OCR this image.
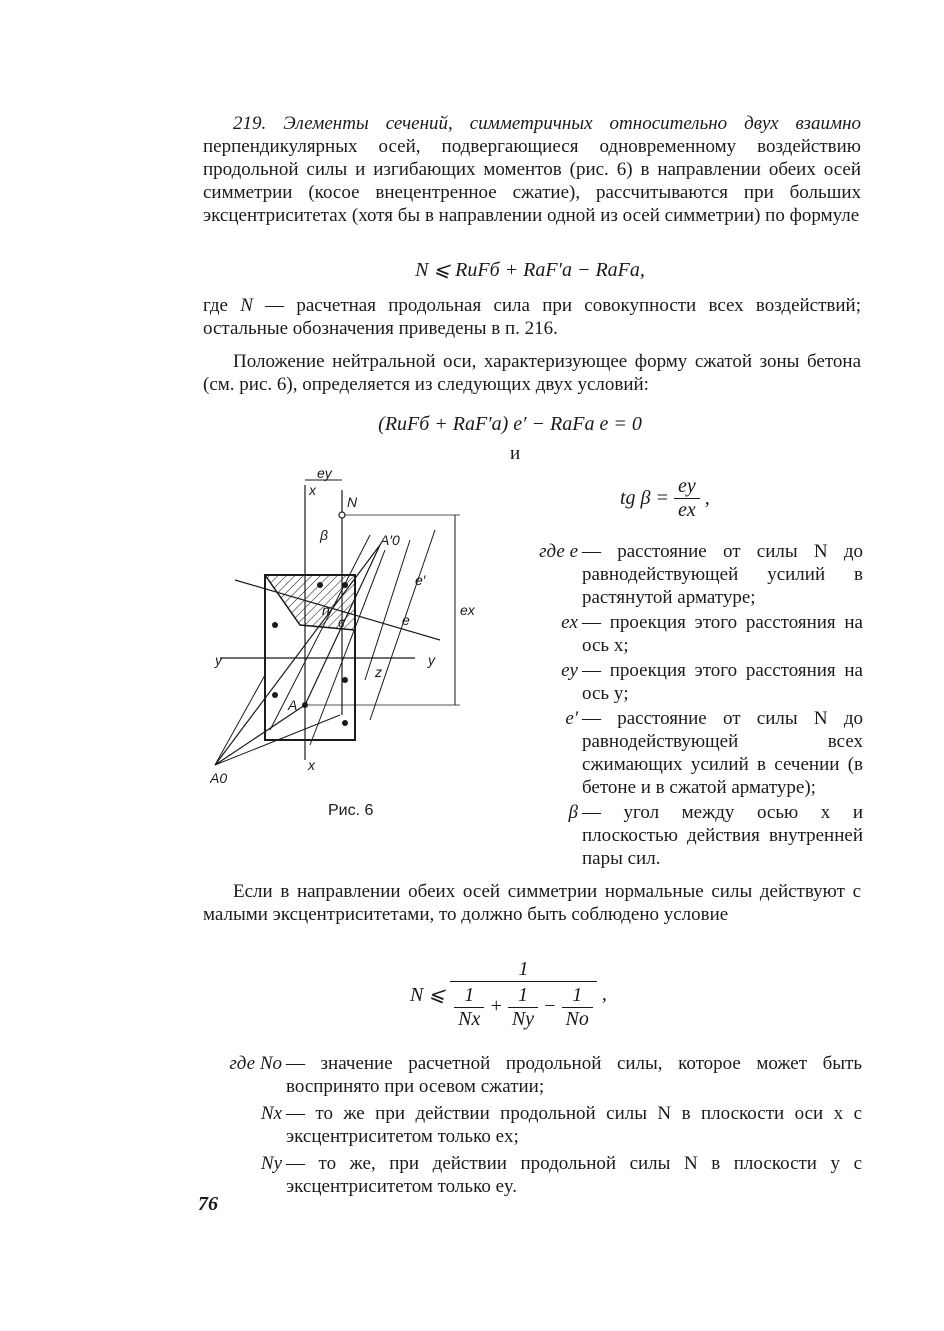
219. Элементы сечений, симметричных относительно двух взаимно перпендикулярных осей, подвергающиеся одновременному воздействию продольной силы и изгибающих моментов (рис. 6) в направлении обеих осей симметрии (косое внецентренное сжатие), рассчитываются при больших эксцентриситетах (хотя бы в направлении одной из осей симметрии) по формуле
N ⩽ RиFб + RаF′а − RаFа,
где N — расчетная продольная сила при совокупности всех воздействий; остальные обозначения приведены в п. 216.
Положение нейтральной оси, характеризующее форму сжатой зоны бетона (см. рис. 6), определяется из следующих двух условий:
(RиFб + RаF′а) e′ − RаFа e = 0
и
tg $\beta = \frac{ey}{ex}$ ,
где e — расстояние от силы N до равнодействующей усилий в растянутой арматуре;
ex — проекция этого расстояния на ось x;
ey — проекция этого расстояния на ось y;
e′ — расстояние от силы N до равнодействующей всех сжимающих усилий в сечении (в бетоне и в сжатой арматуре);
β — угол между осью x и плоскостью действия внутренней пары сил.
ey
x
N
β	A′0
e′
e
ex
y	y
z
A
A0
x
n
c
Рис. 6
Если в направлении обеих осей симметрии нормальные силы действуют с малыми эксцентриситетами, то должно быть соблюдено условие
N ⩽
1
$\frac{1}{Nx} + \frac{1}{Ny} - \frac{1}{No}$ ,
где No — значение расчетной продольной силы, которое может быть воспринято при осевом сжатии;
Nx — то же при действии продольной силы N в плоскости оси x с эксцентриситетом только ex;
Ny — то же, при действии продольной силы N в плоскости y с эксцентриситетом только ey.
76
